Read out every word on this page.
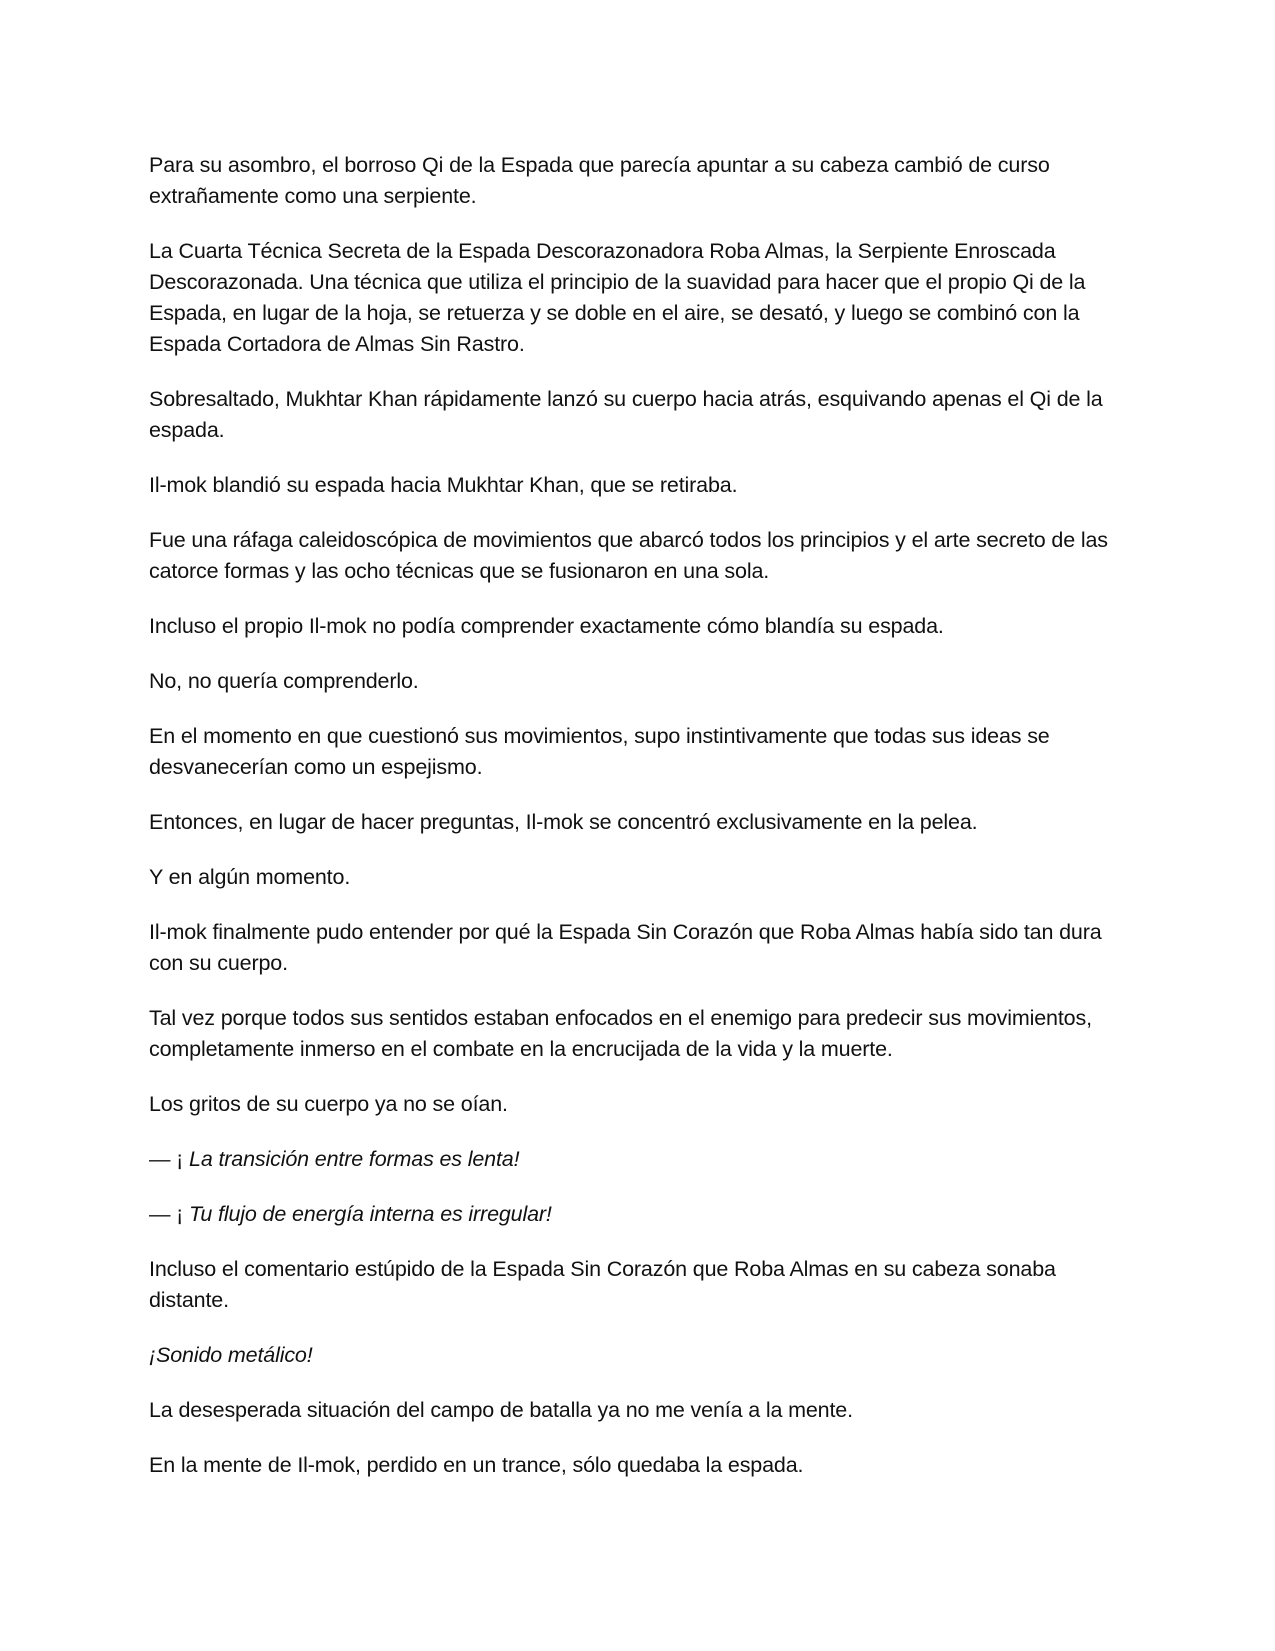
Para su asombro, el borroso Qi de la Espada que parecía apuntar a su cabeza cambió de curso extrañamente como una serpiente.

La Cuarta Técnica Secreta de la Espada Descorazonadora Roba Almas, la Serpiente Enroscada Descorazonada. Una técnica que utiliza el principio de la suavidad para hacer que el propio Qi de la Espada, en lugar de la hoja, se retuerza y se doble en el aire, se desató, y luego se combinó con la Espada Cortadora de Almas Sin Rastro.

Sobresaltado, Mukhtar Khan rápidamente lanzó su cuerpo hacia atrás, esquivando apenas el Qi de la espada.

Il-mok blandió su espada hacia Mukhtar Khan, que se retiraba.

Fue una ráfaga caleidoscópica de movimientos que abarcó todos los principios y el arte secreto de las catorce formas y las ocho técnicas que se fusionaron en una sola.

Incluso el propio Il-mok no podía comprender exactamente cómo blandía su espada.

No, no quería comprenderlo.

En el momento en que cuestionó sus movimientos, supo instintivamente que todas sus ideas se desvanecerían como un espejismo.

Entonces, en lugar de hacer preguntas, Il-mok se concentró exclusivamente en la pelea.

Y en algún momento.

Il-mok finalmente pudo entender por qué la Espada Sin Corazón que Roba Almas había sido tan dura con su cuerpo.

Tal vez porque todos sus sentidos estaban enfocados en el enemigo para predecir sus movimientos, completamente inmerso en el combate en la encrucijada de la vida y la muerte.

Los gritos de su cuerpo ya no se oían.

— ¡ La transición entre formas es lenta!

— ¡ Tu flujo de energía interna es irregular!

Incluso el comentario estúpido de la Espada Sin Corazón que Roba Almas en su cabeza sonaba distante.

¡Sonido metálico!

La desesperada situación del campo de batalla ya no me venía a la mente.

En la mente de Il-mok, perdido en un trance, sólo quedaba la espada.
